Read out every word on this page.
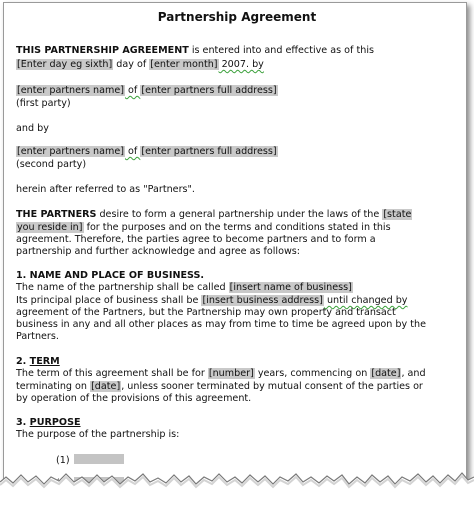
Partnership Agreement
THIS PARTNERSHIP AGREEMENT is entered into and effective as of this
[Enter day eg sixth] day of [enter month] 2007. by
[enter partners name] of [enter partners full address]
(first party)
and by
[enter partners name] of [enter partners full address]
(second party)
herein after referred to as "Partners".
THE PARTNERS desire to form a general partnership under the laws of the [state
you reside in] for the purposes and on the terms and conditions stated in this
agreement. Therefore, the parties agree to become partners and to form a
partnership and further acknowledge and agree as follows:
1. NAME AND PLACE OF BUSINESS.
The name of the partnership shall be called [insert name of business]
Its principal place of business shall be [insert business address] until changed by
agreement of the Partners, but the Partnership may own property and transact
business in any and all other places as may from time to time be agreed upon by the
Partners.
2. TERM
The term of this agreement shall be for [number] years, commencing on [date], and
terminating on [date], unless sooner terminated by mutual consent of the parties or
by operation of the provisions of this agreement.
3. PURPOSE
The purpose of the partnership is:
(1)
